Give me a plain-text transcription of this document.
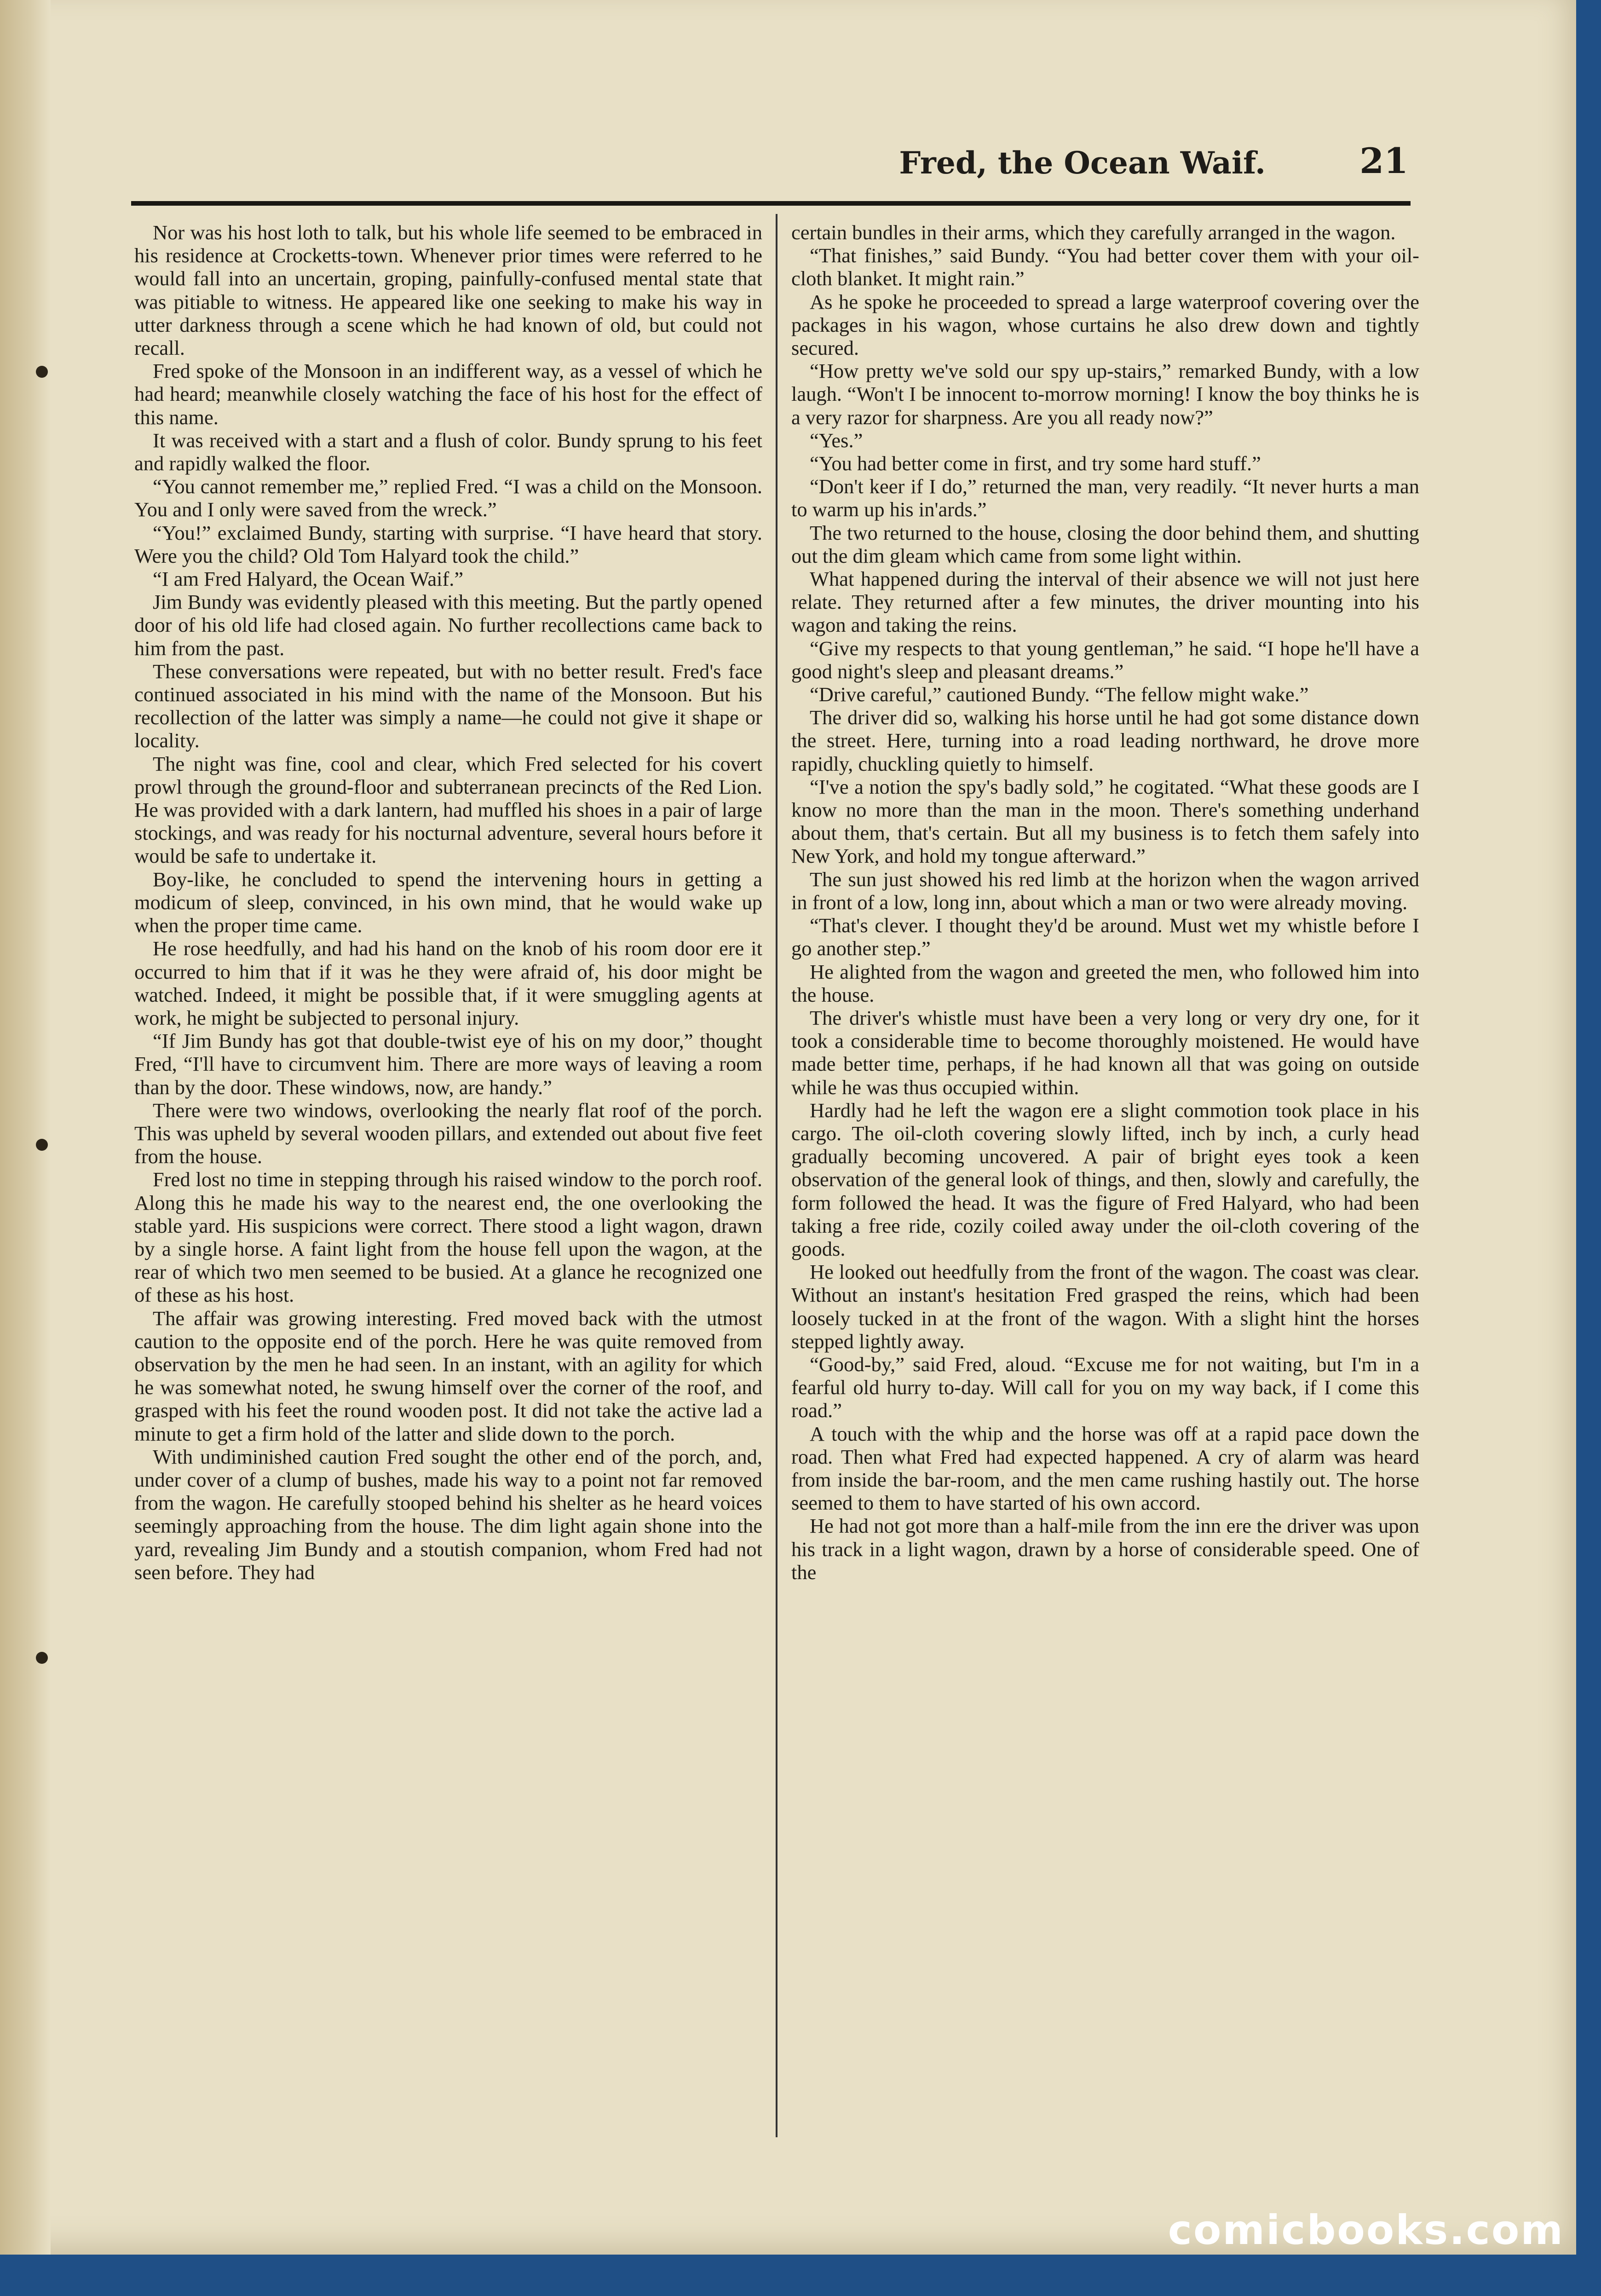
Fred, the Ocean Waif.	21

Nor was his host loth to talk, but his whole life seemed to be embraced in his residence at Crocketts-town. Whenever prior times were referred to he would fall into an uncertain, groping, painfully-confused mental state that was pitiable to witness. He appeared like one seeking to make his way in utter darkness through a scene which he had known of old, but could not recall.

Fred spoke of the Monsoon in an indifferent way, as a vessel of which he had heard; meanwhile closely watching the face of his host for the effect of this name.

It was received with a start and a flush of color. Bundy sprung to his feet and rapidly walked the floor.

“You cannot remember me,” replied Fred. “I was a child on the Monsoon. You and I only were saved from the wreck.”

“You!” exclaimed Bundy, starting with surprise. “I have heard that story. Were you the child? Old Tom Halyard took the child.”

“I am Fred Halyard, the Ocean Waif.”

Jim Bundy was evidently pleased with this meeting. But the partly opened door of his old life had closed again. No further recollections came back to him from the past.

These conversations were repeated, but with no better result. Fred's face continued associated in his mind with the name of the Monsoon. But his recollection of the latter was simply a name—he could not give it shape or locality.

The night was fine, cool and clear, which Fred selected for his covert prowl through the ground-floor and subterranean precincts of the Red Lion. He was provided with a dark lantern, had muffled his shoes in a pair of large stockings, and was ready for his nocturnal adventure, several hours before it would be safe to undertake it.

Boy-like, he concluded to spend the intervening hours in getting a modicum of sleep, convinced, in his own mind, that he would wake up when the proper time came.

He rose heedfully, and had his hand on the knob of his room door ere it occurred to him that if it was he they were afraid of, his door might be watched. Indeed, it might be possible that, if it were smuggling agents at work, he might be subjected to personal injury.

“If Jim Bundy has got that double-twist eye of his on my door,” thought Fred, “I'll have to circumvent him. There are more ways of leaving a room than by the door. These windows, now, are handy.”

There were two windows, overlooking the nearly flat roof of the porch. This was upheld by several wooden pillars, and extended out about five feet from the house.

Fred lost no time in stepping through his raised window to the porch roof. Along this he made his way to the nearest end, the one overlooking the stable yard. His suspicions were correct. There stood a light wagon, drawn by a single horse. A faint light from the house fell upon the wagon, at the rear of which two men seemed to be busied. At a glance he recognized one of these as his host.

The affair was growing interesting. Fred moved back with the utmost caution to the opposite end of the porch. Here he was quite removed from observation by the men he had seen. In an instant, with an agility for which he was somewhat noted, he swung himself over the corner of the roof, and grasped with his feet the round wooden post. It did not take the active lad a minute to get a firm hold of the latter and slide down to the porch.

With undiminished caution Fred sought the other end of the porch, and, under cover of a clump of bushes, made his way to a point not far removed from the wagon. He carefully stooped behind his shelter as he heard voices seemingly approaching from the house. The dim light again shone into the yard, revealing Jim Bundy and a stoutish companion, whom Fred had not seen before. They had

certain bundles in their arms, which they carefully arranged in the wagon.

“That finishes,” said Bundy. “You had better cover them with your oil-cloth blanket. It might rain.”

As he spoke he proceeded to spread a large waterproof covering over the packages in his wagon, whose curtains he also drew down and tightly secured.

“How pretty we've sold our spy up-stairs,” remarked Bundy, with a low laugh. “Won't I be innocent to-morrow morning! I know the boy thinks he is a very razor for sharpness. Are you all ready now?”

“Yes.”

“You had better come in first, and try some hard stuff.”

“Don't keer if I do,” returned the man, very readily. “It never hurts a man to warm up his in'ards.”

The two returned to the house, closing the door behind them, and shutting out the dim gleam which came from some light within.

What happened during the interval of their absence we will not just here relate. They returned after a few minutes, the driver mounting into his wagon and taking the reins.

“Give my respects to that young gentleman,” he said. “I hope he'll have a good night's sleep and pleasant dreams.”

“Drive careful,” cautioned Bundy. “The fellow might wake.”

The driver did so, walking his horse until he had got some distance down the street. Here, turning into a road leading northward, he drove more rapidly, chuckling quietly to himself.

“I've a notion the spy's badly sold,” he cogitated. “What these goods are I know no more than the man in the moon. There's something underhand about them, that's certain. But all my business is to fetch them safely into New York, and hold my tongue afterward.”

The sun just showed his red limb at the horizon when the wagon arrived in front of a low, long inn, about which a man or two were already moving.

“That's clever. I thought they'd be around. Must wet my whistle before I go another step.”

He alighted from the wagon and greeted the men, who followed him into the house.

The driver's whistle must have been a very long or very dry one, for it took a considerable time to become thoroughly moistened. He would have made better time, perhaps, if he had known all that was going on outside while he was thus occupied within.

Hardly had he left the wagon ere a slight commotion took place in his cargo. The oil-cloth covering slowly lifted, inch by inch, a curly head gradually becoming uncovered. A pair of bright eyes took a keen observation of the general look of things, and then, slowly and carefully, the form followed the head. It was the figure of Fred Halyard, who had been taking a free ride, cozily coiled away under the oil-cloth covering of the goods.

He looked out heedfully from the front of the wagon. The coast was clear. Without an instant's hesitation Fred grasped the reins, which had been loosely tucked in at the front of the wagon. With a slight hint the horses stepped lightly away.

“Good-by,” said Fred, aloud. “Excuse me for not waiting, but I'm in a fearful old hurry to-day. Will call for you on my way back, if I come this road.”

A touch with the whip and the horse was off at a rapid pace down the road. Then what Fred had expected happened. A cry of alarm was heard from inside the bar-room, and the men came rushing hastily out. The horse seemed to them to have started of his own accord.

He had not got more than a half-mile from the inn ere the driver was upon his track in a light wagon, drawn by a horse of considerable speed. One of the

comicbooks.com
